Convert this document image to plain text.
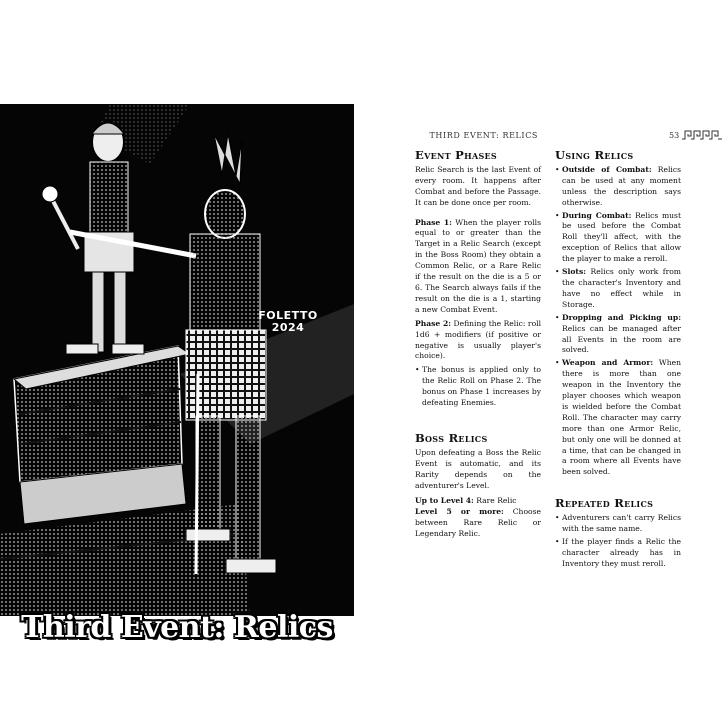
FOLETTO
2024
Third Event: Relics
THIRD EVENT: RELICS	53
Event Phases

Relic Search is the last Event of every room. It happens after Combat and before the Passage. It can be done once per room.

Phase 1: When the player rolls equal to or greater than the Target in a Relic Search (except in the Boss Room) they obtain a Common Relic, or a Rare Relic if the result on the die is a 5 or 6. The Search always fails if the result on the die is a 1, starting a new Combat Event.

Phase 2: Defining the Relic: roll 1d6 + modifiers (if positive or negative is usually player's choice).

• The bonus is applied only to the Relic Roll on Phase 2. The bonus on Phase 1 increases by defeating Enemies.
Boss Relics

Upon defeating a Boss the Relic Event is automatic, and its Rarity depends on the adventurer's Level.

Up to Level 4: Rare Relic

Level 5 or more: Choose between Rare Relic or Legendary Relic.

Using Relics
• Outside of Combat: Relics can be used at any moment unless the description says otherwise.
• During Combat: Relics must be used before the Combat Roll they'll affect, with the exception of Relics that allow the player to make a reroll.
• Slots: Relics only work from the character's Inventory and have no effect while in Storage.
• Dropping and Picking up: Relics can be managed after all Events in the room are solved.
• Weapon and Armor: When there is more than one weapon in the Inventory the player chooses which weapon is wielded before the Combat Roll. The character may carry more than one Armor Relic, but only one will be donned at a time, that can be changed in a room where all Events have been solved.
Repeated Relics
• Adventurers can't carry Relics with the same name.
• If the player finds a Relic the character already has in Inventory they must reroll.
